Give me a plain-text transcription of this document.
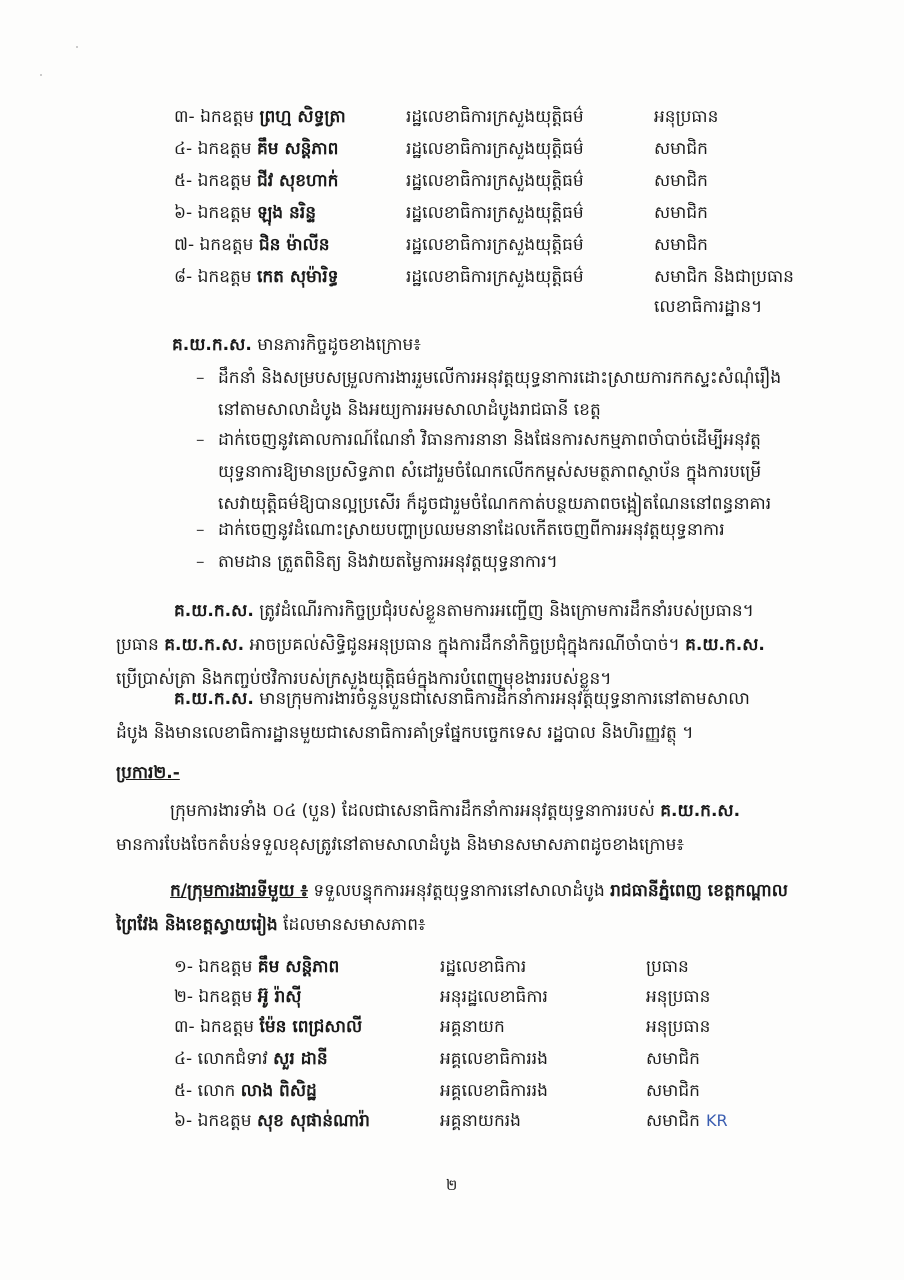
៣- ឯកឧត្តម ព្រហ្ម សិទ្ធត្រា	រដ្ឋលេខាធិការក្រសួងយុត្តិធម៌	អនុប្រធាន
៤- ឯកឧត្តម គឹម សន្តិភាព	រដ្ឋលេខាធិការក្រសួងយុត្តិធម៌	សមាជិក
៥- ឯកឧត្តម ជីវ សុខហាក់	រដ្ឋលេខាធិការក្រសួងយុត្តិធម៌	សមាជិក
៦- ឯកឧត្តម ឡុង នរិន្ទ	រដ្ឋលេខាធិការក្រសួងយុត្តិធម៌	សមាជិក
៧- ឯកឧត្តម ជិន ម៉ាលីន	រដ្ឋលេខាធិការក្រសួងយុត្តិធម៌	សមាជិក
៨- ឯកឧត្តម កេត សុម៉ារិទ្ធ	រដ្ឋលេខាធិការក្រសួងយុត្តិធម៌	សមាជិក និងជាប្រធាន
លេខាធិការដ្ឋាន។
គ.យ.ក.ស. មានភារកិច្ចដូចខាងក្រោម៖
– ដឹកនាំ និងសម្របសម្រួលការងាររួមលើការអនុវត្តយុទ្ធនាការដោះស្រាយការកកស្ទះសំណុំរឿង
នៅតាមសាលាដំបូង និងអយ្យការអមសាលាដំបូងរាជធានី ខេត្ត
– ដាក់ចេញនូវគោលការណ៍ណែនាំ វិធានការនានា និងផែនការសកម្មភាពចាំបាច់ដើម្បីអនុវត្ត
យុទ្ធនាការឱ្យមានប្រសិទ្ធភាព សំដៅរួមចំណែកលើកកម្ពស់សមត្ថភាពស្ថាប័ន ក្នុងការបម្រើ
សេវាយុត្តិធម៌ឱ្យបានល្អប្រសើរ ក៏ដូចជារួមចំណែកកាត់បន្ថយភាពចង្អៀតណែននៅពន្ធនាគារ
– ដាក់ចេញនូវដំណោះស្រាយបញ្ហាប្រឈមនានាដែលកើតចេញពីការអនុវត្តយុទ្ធនាការ
– តាមដាន ត្រួតពិនិត្យ និងវាយតម្លៃការអនុវត្តយុទ្ធនាការ។
គ.យ.ក.ស. ត្រូវដំណើរការកិច្ចប្រជុំរបស់ខ្លួនតាមការអញ្ជើញ និងក្រោមការដឹកនាំរបស់ប្រធាន។
ប្រធាន គ.យ.ក.ស. អាចប្រគល់សិទ្ធិជូនអនុប្រធាន ក្នុងការដឹកនាំកិច្ចប្រជុំក្នុងករណីចាំបាច់។ គ.យ.ក.ស.
ប្រើប្រាស់ត្រា និងកញ្ចប់ថវិការបស់ក្រសួងយុត្តិធម៌ក្នុងការបំពេញមុខងាររបស់ខ្លួន។
គ.យ.ក.ស. មានក្រុមការងារចំនួនបួនជាសេនាធិការដឹកនាំការអនុវត្តយុទ្ធនាការនៅតាមសាលា
ដំបូង និងមានលេខាធិការដ្ឋានមួយជាសេនាធិការគាំទ្រផ្នែកបច្ចេកទេស រដ្ឋបាល និងហិរញ្ញវត្ថុ ។
ប្រការ២.-
ក្រុមការងារទាំង ០៤ (បួន) ដែលជាសេនាធិការដឹកនាំការអនុវត្តយុទ្ធនាការរបស់ គ.យ.ក.ស.
មានការបែងចែកតំបន់ទទួលខុសត្រូវនៅតាមសាលាដំបូង និងមានសមាសភាពដូចខាងក្រោម៖
ក/ក្រុមការងារទីមួយ ៖ ទទួលបន្ទុកការអនុវត្តយុទ្ធនាការនៅសាលាដំបូង រាជធានីភ្នំពេញ ខេត្តកណ្ដាល
ព្រៃវែង និងខេត្តស្វាយរៀង ដែលមានសមាសភាព៖
១- ឯកឧត្តម គឹម សន្តិភាព	រដ្ឋលេខាធិការ	ប្រធាន
២- ឯកឧត្តម អ៊ូ រ៉ាស៊ី	អនុរដ្ឋលេខាធិការ	អនុប្រធាន
៣- ឯកឧត្តម ម៉ែន ពេជ្រសាលី	អគ្គនាយក	អនុប្រធាន
៤- លោកជំទាវ សួរ ដានី	អគ្គលេខាធិការរង	សមាជិក
៥- លោក លាង ពិសិដ្ឋ	អគ្គលេខាធិការរង	សមាជិក
៦- ឯកឧត្តម សុខ សុផាន់ណារ៉ា	អគ្គនាយករង	សមាជិក KR
២
